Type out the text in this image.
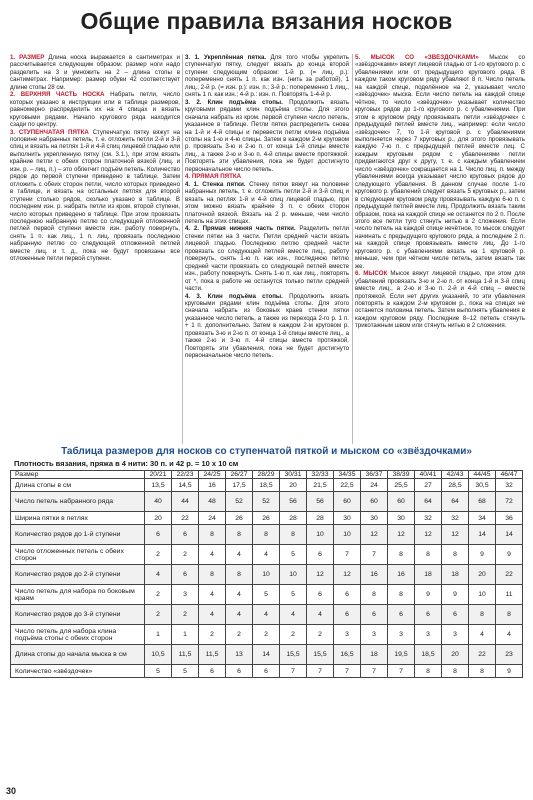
Общие правила вязания носков

1. РАЗМЕР Длина носка выражается в сантиметрах и рассчитывается следующим образом: размер ноги надо разделить на 3 и умножить на 2 – длина стопы в сантиметрах. Например: размер обуви 42 соответствует длине стопы 28 см.

2. ВЕРХНЯЯ ЧАСТЬ НОСКА Набрать петли, число которых указано в инструкции или в таблице размеров, равномерно распределить их на 4 спицах и вязать круговыми рядами. Начало кругового ряда находится сзади по центру.

3. СТУПЕНЧАТАЯ ПЯТКА Ступенчатую пятку вяжут на половине набранных петель, т. е. отложить петли 2-й и 3-й спиц и вязать на петлях 1-й и 4-й спиц лицевой гладью или выполнить укрепленную пятку (см. 3.1.), при этом вязать крайние петли с обеих сторон платочной вязкой (лиц. и изн. р. – лиц. п.) – это облегчит подъём петель. Количество рядов до первой ступени приведено в таблице. Затем отложить с обеих сторон петли, число которых приведено в таблице, и вязать на остальных петлях для второй ступени столько рядов, сколько указано в таблице. В последнем изн. р. набрать петли из кром. второй ступени, число которых приведено в таблице. При этом провязать последнюю набранную петлю со следующей отложенной петлей первой ступени вместе изн. работу повернуть, снять 1 п. как лиц., 1 п. лиц. провязать последнюю набранную петлю со следующей отложенной петлей вместе лиц. и т. д., пока не будут провязаны все отложенные петли первой ступени.

3. 1. Укреплённая пятка. Для того чтобы укрепить ступенчатую пятку, следует вязать до конца второй ступени следующим образом: 1-й р. (= лиц. р.): попеременно снять 1 п. как изн. (нить за работой), 1 лиц.; 2-й р. (= изн. р.): изн. п.; 3-й р.: попеременно 1 лиц., снять 1 п. как изн.; 4-й р.: изн. п. Повторять 1-4-й р.

3. 2. Клин подъёма стопы. Продолжить вязать круговыми рядами клин подъёма стопы. Для этого сначала набрать из кром. первой ступени число петель, указанное в таблице. Петли пятки распределить снова на 1-й и 4-й спицы и перевести петли клина подъёма стопы на 1-ю и 4-ю спицы. Затем в каждом 2-м круговом р. провязать 3-ю и 2-ю п. от конца 1-й спицы вместе лиц., а также 2-ю и 3-ю п. 4-й спицы вместе протяжкой. Повторять эти убавления, пока не будет достигнуто первоначальное число петель.

4. ПРЯМАЯ ПЯТКА

4. 1. Стенка пятки. Стенку пятки вяжут на половине набранных петель, т. е. отложить петли 2-й и 3-й спиц и вязать на петлях 1-й и 4-й спиц лицевой гладью, при этом можно вязать крайние 3 п. с обеих сторон платочной вязкой. Вязать на 2 р. меньше, чем число петель на этих спицах.

4. 2. Прямая нижняя часть пятки. Разделить петли стенки пятки на 3 части. Петли средней части вязать лицевой гладью. Последнюю петлю средней части провязать со следующей петлей вместе лиц., работу повернуть, снять 1-ю п. как изн., последнюю петлю средней части провязать со следующей петлей вместе изн., работу повернуть. Снять 1-ю п. как лиц., повторять от *, пока в работе не останутся только петли средней части.

4. 3. Клин подъёма стопы. Продолжить вязать круговыми рядами клин подъёма стопы. Для этого сначала набрать из боковых краев стенки пятки указанное число петель, а также из перехода 2-го р. 1 п. + 1 п. дополнительно. Затем в каждом 2-м круговом р. провязать 3-ю и 2-ю п. от конца 1-й спицы вместе лиц., а также 2-ю и 3-ю п. 4-й спицы вместе протяжкой. Повторять эти убавления, пока не будет достигнуто первоначальное число петель.

5. МЫСОК СО «ЗВЁЗДОЧКАМИ» Мысок со «звёздочками» вяжут лицевой гладью от 1-го кругового р. с убавлениями или от предыдущего кругового ряда. В каждом таком круговом ряду убавляют 8 п. Число петель на каждой спице, поделённое на 2, указывает число «звёздочек» мыска. Если число петель на каждой спице чётное, то число «звёздочек» указывает количество круговых рядов до 1-го кругового р. с убавлениями. При этом в круговом ряду провязывать петли «звёздочек» с предыдущей петлей вместе лиц., например: если число «звёздочек» 7, то 1-й круговой р. с убавлениями выполняется через 7 круговых р., для этого провязывать каждую 7-ю п. с предыдущей петлей вместе лиц. С каждым круговым рядом с убавлениями петли придвигаются друг к другу, т. е. с каждым убавлением число «звёздочек» сокращается на 1. Число лиц. п. между убавлениями всегда указывает число круговых рядов до следующего убавления. В данном случае после 1-го кругового р. убавлений следует вязать 5 круговых р., затем в следующем круговом ряду провязывать каждую 6-ю п. с предыдущей петлей вместе лиц. Продолжить вязать таким образом, пока на каждой спице не останется по 2 п. После этого все петли туго стянуть нитью в 2 сложения. Если число петель на каждой спице нечётное, то мысок следует начинать с предыдущего кругового ряда, а последние 2 п. на каждой спице провязывать вместе лиц. До 1-го кругового р. с убавлениями вязать на 1 круговой р. меньше, чем при чётном числе петель, затем вязать так же.

6. МЫСОК Мысок вяжут лицевой гладью, при этом для убавлений провязать 3-ю и 2-ю п. от конца 1-й и 3-й спиц вместе лиц., а 2-ю и 3-ю п. 2-й и 4-й спиц – вместе протяжкой. Если нет других указаний, то эти убавления повторять в каждом 2-м круговом р., пока на спицах не останется половина петель. Затем выполнять убавления в каждом круговом ряду. Последние 8–12 петель стянуть трикотажным швом или стянуть нитью в 2 сложения.

Таблица размеров для носков со ступенчатой пяткой и мыском со «звёздочками»
Плотность вязания, пряжа в 4 нити: 30 п. и 42 р. = 10 х 10 см
Размер	20/21	22/23	24/25	26/27	28/29	30/31	32/33	34/35	36/37	38/39	40/41	42/43	44/45	46/47
Длина стопы в см	13,5	14,5	16	17,5	18,5	20	21,5	22,5	24	25,5	27	28,5	30,5	32
Число петель набранного ряда	40	44	48	52	52	56	56	60	60	60	64	64	68	72
Ширина пятки в петлях	20	22	24	26	26	28	28	30	30	30	32	32	34	36
Количество рядов до 1-й ступени	6	6	8	8	8	8	10	10	12	12	12	12	14	14
Число отложенных петель с обеих сторон	2	2	4	4	4	5	6	7	7	8	8	8	9	9
Количество рядов до 2-й ступени	4	6	8	8	10	10	12	12	16	16	18	18	20	22
Число петель для набора по боковым краям	2	3	4	4	5	5	6	6	8	8	9	9	10	11
Количество рядов до 3-й ступени	2	2	4	4	4	4	4	6	6	6	6	6	8	8
Число петель для набора клина подъёма стопы с обеих сторон	1	1	2	2	2	2	2	3	3	3	3	3	4	4
Длина стопы до начала мыска в см	10,5	11,5	11,5	13	14	15,5	15,5	16,5	18	19,5	18,5	20	22	23
Количество «звёздочек»	5	5	6	6	6	7	7	7	7	7	8	8	8	9
30
